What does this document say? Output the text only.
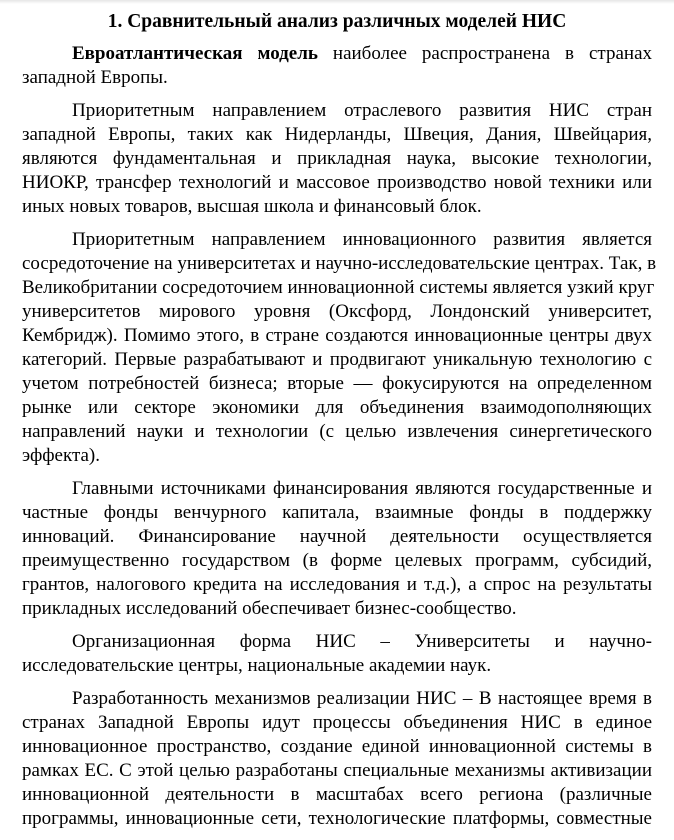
1. Сравнительный анализ различных моделей НИС
Евроатлантическая модель наиболее распространена в странах
западной Европы.
Приоритетным направлением отраслевого развития НИС стран
западной Европы, таких как Нидерланды, Швеция, Дания, Швейцария,
являются фундаментальная и прикладная наука, высокие технологии,
НИОКР, трансфер технологий и массовое производство новой техники или
иных новых товаров, высшая школа и финансовый блок.
Приоритетным направлением инновационного развития является
сосредоточение на университетах и научно-исследовательские центрах. Так, в
Великобритании сосредоточием инновационной системы является узкий круг
университетов мирового уровня (Оксфорд, Лондонский университет,
Кембридж). Помимо этого, в стране создаются инновационные центры двух
категорий. Первые разрабатывают и продвигают уникальную технологию с
учетом потребностей бизнеса; вторые — фокусируются на определенном
рынке или секторе экономики для объединения взаимодополняющих
направлений науки и технологии (с целью извлечения синергетического
эффекта).
Главными источниками финансирования являются государственные и
частные фонды венчурного капитала, взаимные фонды в поддержку
инноваций. Финансирование научной деятельности осуществляется
преимущественно государством (в форме целевых программ, субсидий,
грантов, налогового кредита на исследования и т.д.), а спрос на результаты
прикладных исследований обеспечивает бизнес-сообщество.
Организационная форма НИС – Университеты и научно-
исследовательские центры, национальные академии наук.
Разработанность механизмов реализации НИС – В настоящее время в
странах Западной Европы идут процессы объединения НИС в единое
инновационное пространство, создание единой инновационной системы в
рамках ЕС. С этой целью разработаны специальные механизмы активизации
инновационной деятельности в масштабах всего региона (различные
программы, инновационные сети, технологические платформы, совместные
